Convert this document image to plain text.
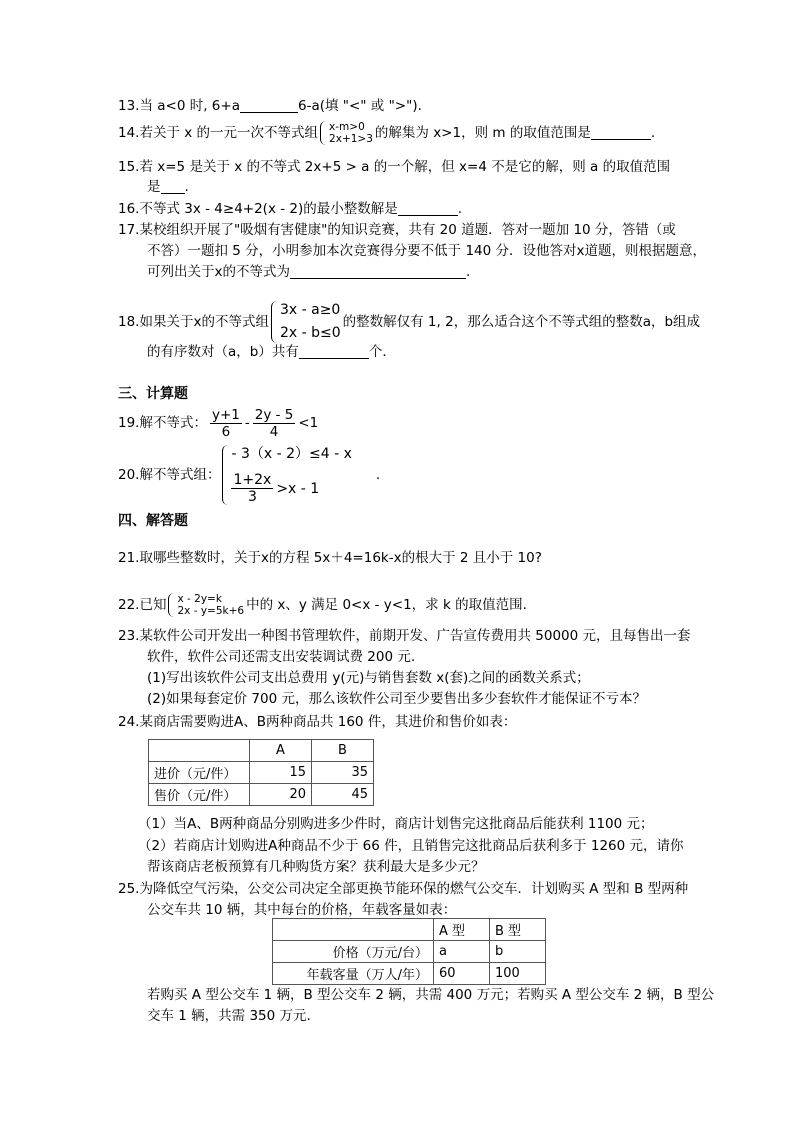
13.当 a<0 时, 6+a	6-a(填 "<" 或 ">").
14.若关于 x 的一元一次不等式组 x-m>0
2x+1>3 的解集为 x>1，则 m 的取值范围是	.
15.若 x=5 是关于 x 的不等式 2x+5 > a 的一个解，但 x=4 不是它的解，则 a 的取值范围
是 .
16.不等式 3x - 4≥4+2(x - 2)的最小整数解是	.
17.某校组织开展了"吸烟有害健康"的知识竞赛，共有 20 道题．答对一题加 10 分，答错（或
不答）一题扣 5 分，小明参加本次竞赛得分要不低于 140 分．设他答对x道题，则根据题意，
可列出关于x的不等式为	.
18.如果关于x的不等式组
3x - a≥0
2x - b≤0
的整数解仅有 1, 2，那么适合这个不等式组的整数a，b组成
的有序数对（a，b）共有	个．
三、计算题
19.解不等式： $\frac{y+1}{6} - \frac{2y - 5}{4} <1$
20.解不等式组：
- 3（x - 2）≤4 - x
$\frac{1+2x}{3} >x - 1$
.
四、解答题
21.取哪些整数时，关于x的方程 5x＋4=16k-x的根大于 2 且小于 10?
22.已知 x - 2y=k
2x - y=5k+6 中的 x、y 满足 0<x - y<1，求 k 的取值范围.
23.某软件公司开发出一种图书管理软件，前期开发、广告宣传费用共 50000 元，且每售出一套
软件，软件公司还需支出安装调试费 200 元.
(1)写出该软件公司支出总费用 y(元)与销售套数 x(套)之间的函数关系式；
(2)如果每套定价 700 元，那么该软件公司至少要售出多少套软件才能保证不亏本？
24.某商店需要购进A、B两种商品共 160 件，其进价和售价如表：
	A	B
进价（元/件）	15	35
售价（元/件）	20	45
（1）当A、B两种商品分别购进多少件时，商店计划售完这批商品后能获利 1100 元；
（2）若商店计划购进A种商品不少于 66 件，且销售完这批商品后获利多于 1260 元，请你
帮该商店老板预算有几种购货方案？获利最大是多少元？
25.为降低空气污染，公交公司决定全部更换节能环保的燃气公交车．计划购买 A 型和 B 型两种
公交车共 10 辆，其中每台的价格，年载客量如表：
	A 型	B 型
价格（万元/台）	a	b
年载客量（万人/年）	60	100
若购买 A 型公交车 1 辆，B 型公交车 2 辆，共需 400 万元；若购买 A 型公交车 2 辆，B 型公
交车 1 辆，共需 350 万元.
